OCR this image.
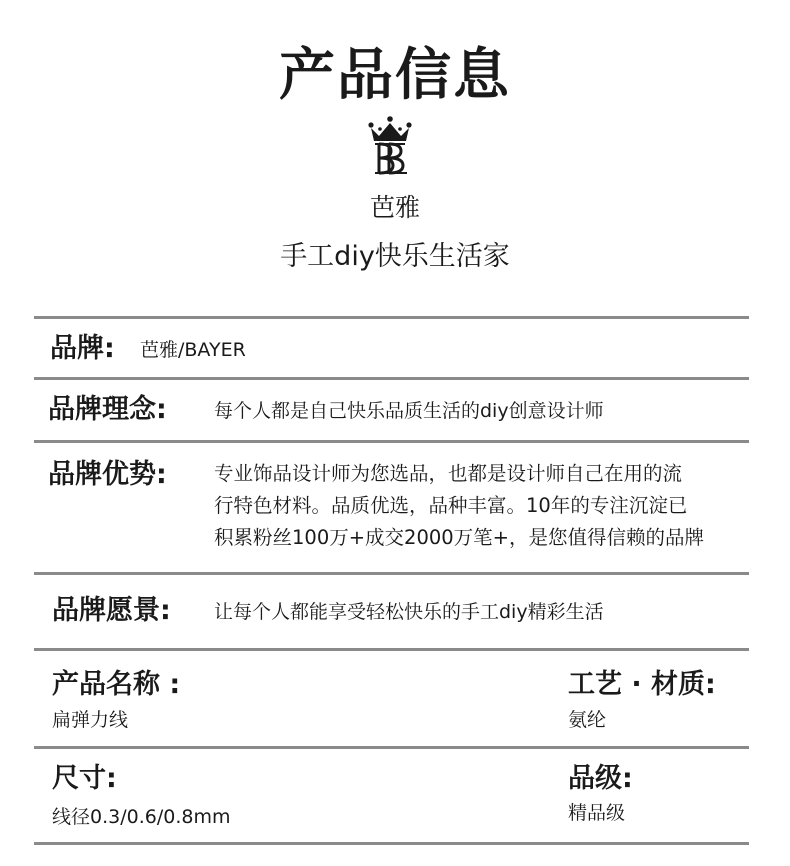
产品信息
芭雅
手工diy快乐生活家
品牌: 芭雅/BAYER
品牌理念: 每个人都是自己快乐品质生活的diy创意设计师
品牌优势: 专业饰品设计师为您选品，也都是设计师自己在用的流
行特色材料。品质优选，品种丰富。10年的专注沉淀已
积累粉丝100万+成交2000万笔+，是您值得信赖的品牌
品牌愿景: 让每个人都能享受轻松快乐的手工diy精彩生活
产品名称 :
扁弹力线
工艺 · 材质:
氨纶
尺寸:
线径0.3/0.6/0.8mm
品级:
精品级
